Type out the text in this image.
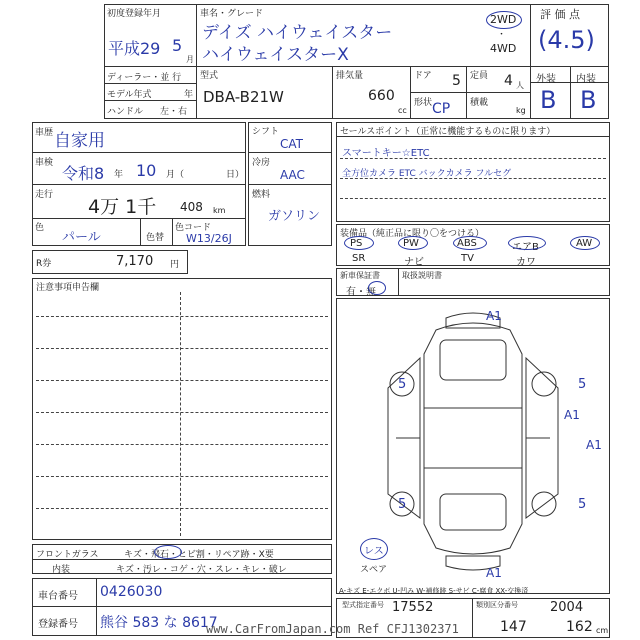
初度登録年月
平成29 5
月
車名・グレード
デイズ ハイウェイスター
ハイウェイスターX
2WD
・
4WD
評 価 点
(4.5)
ディーラー・並 行
モデル年式	年
ハンドル 左・右
型式
DBA-B21W
排気量
660
cc
ドア 5 定員 4 人
形状 CP 積載
kg
外装 内装
B B
車歴 自家用
車検
令和8 年 10 月（	日）
走行
4万 1千 408 km
色
パール	色替
色コード
W13/26J
シフト
CAT
冷房
AAC
燃料
ガソリン
R券	7,170 円
セールスポイント（正常に機能するものに限ります）
スマートキー☆ETC
全方位カメラ ETC バックカメラ フルセグ
装備品（純正品に限り〇をつける）
PS	PW	ABS	エアB	AW
SR	ナビ	TV	カワ
新車保証書	取扱説明書
有・無
注意事項申告欄
A1
5	5
A1
A1
5	5
A1
レス
スペア
A-キズ E-エクボ U-凹み W-補修跡 S-サビ C-腐食 XX-交換済
フロントガラス	キズ・飛石・ヒビ割・リペア跡・X要
内装	キズ・汚レ・コゲ・穴・スレ・キレ・破レ
車台番号 0426030
登録番号 熊谷 583 な 8617
型式指定番号 17552	類別区分番号 2004
147	162 cm
www.CarFromJapan.com Ref CFJ1302371
